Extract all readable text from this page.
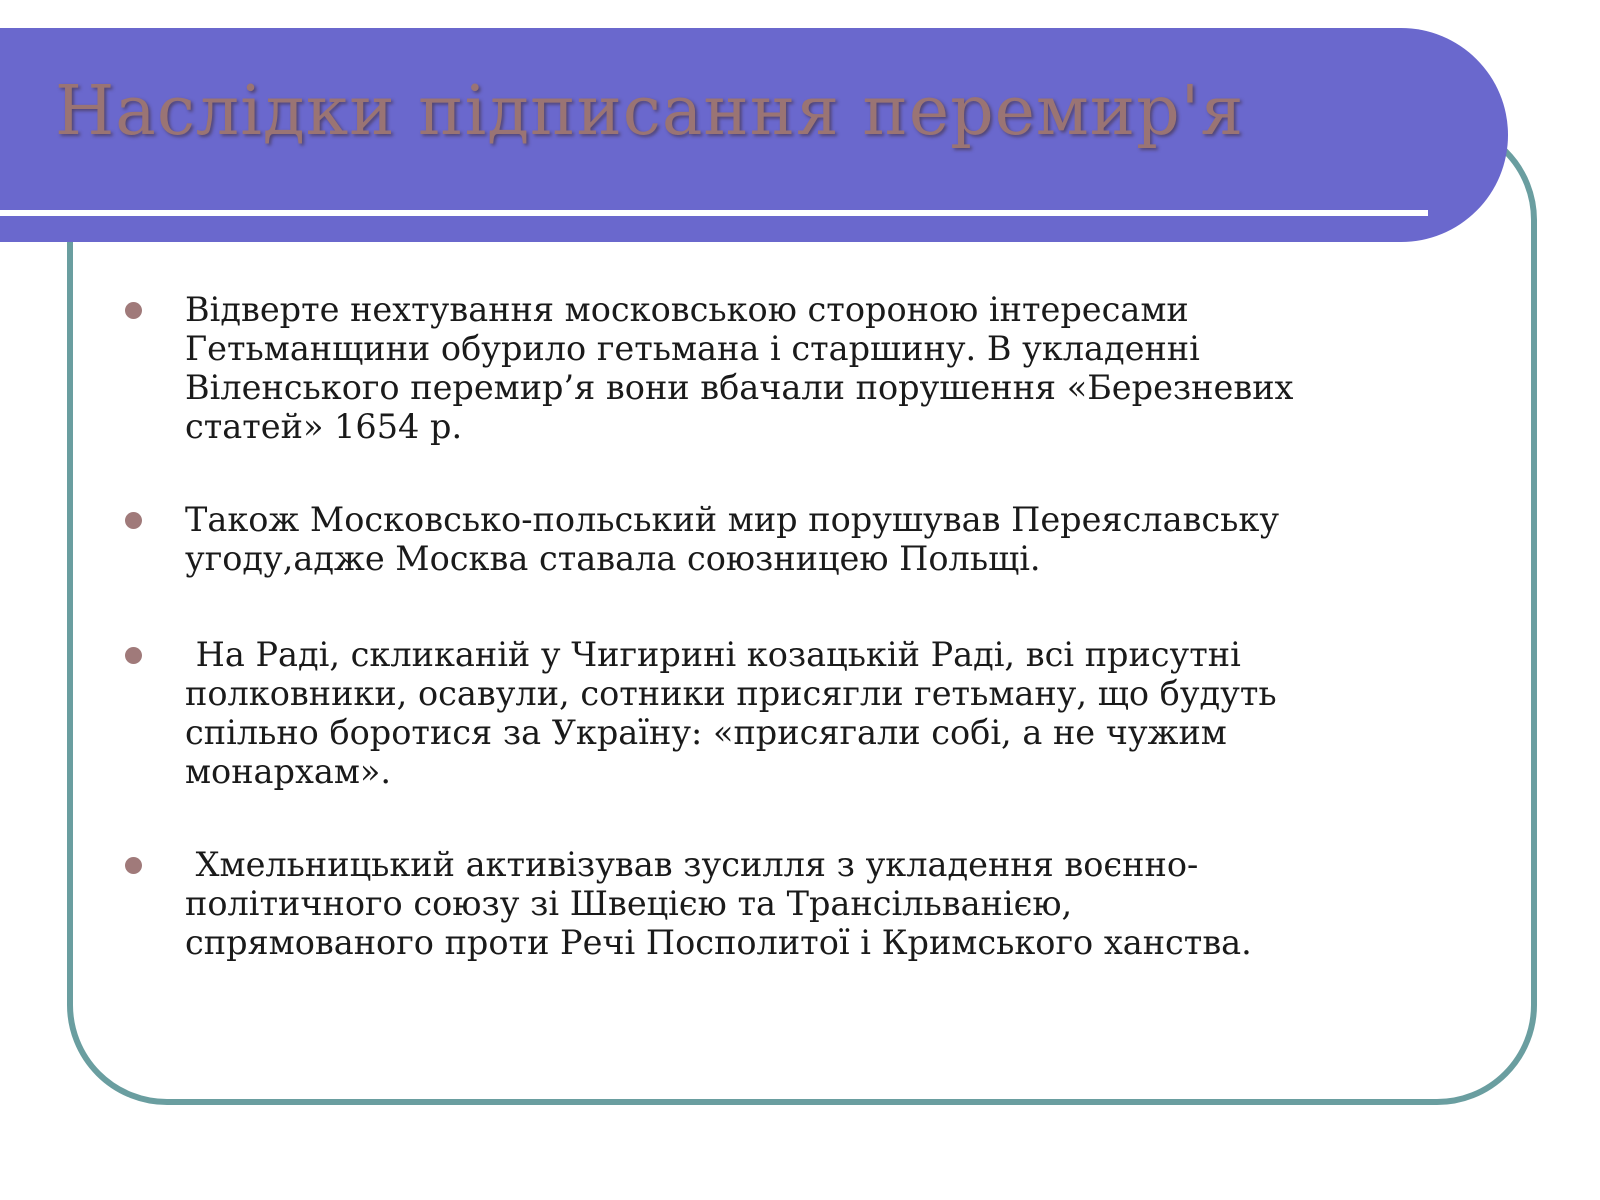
Наслідки підписання перемир'я
Відверте нехтування московською стороною інтересами
Гетьманщини обурило гетьмана і старшину. В укладенні
Віленського перемир’я вони вбачали порушення «Березневих
статей» 1654 р.
Також Московсько-польський мир порушував Переяславську
угоду,адже Москва ставала союзницею Польщі.
На Раді, скликаній у Чигирині козацькій Раді, всі присутні
полковники, осавули, сотники присягли гетьману, що будуть
спільно боротися за Україну: «присягали собі, а не чужим
монархам».
Хмельницький активізував зусилля з укладення воєнно-
політичного союзу зі Швецією та Трансільванією,
спрямованого проти Речі Посполитої і Кримського ханства.
